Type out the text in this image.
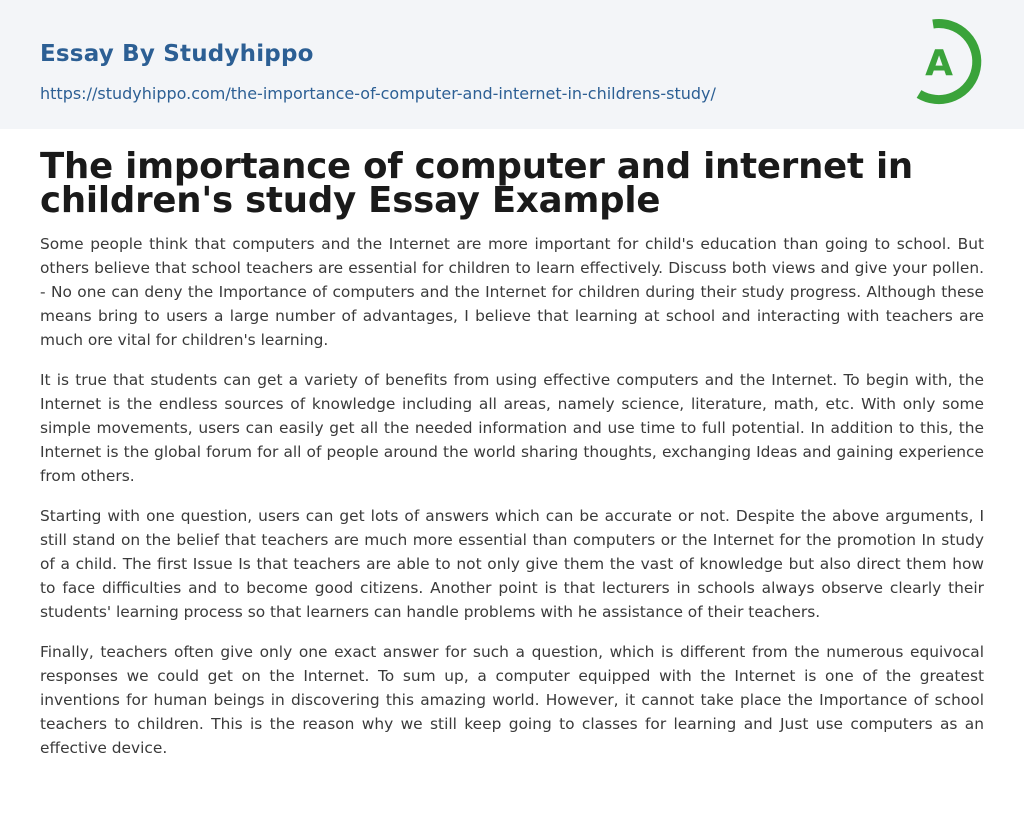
Essay By Studyhippo
https://studyhippo.com/the-importance-of-computer-and-internet-in-childrens-study/
A
The importance of computer and internet in children's study Essay Example

Some people think that computers and the Internet are more important for child's education than going to school. But others believe that school teachers are essential for children to learn effectively. Discuss both views and give your pollen. - No one can deny the Importance of computers and the Internet for children during their study progress. Although these means bring to users a large number of advantages, I believe that learning at school and interacting with teachers are much ore vital for children's learning.

It is true that students can get a variety of benefits from using effective computers and the Internet. To begin with, the Internet is the endless sources of knowledge including all areas, namely science, literature, math, etc. With only some simple movements, users can easily get all the needed information and use time to full potential. In addition to this, the Internet is the global forum for all of people around the world sharing thoughts, exchanging Ideas and gaining experience from others.

Starting with one question, users can get lots of answers which can be accurate or not. Despite the above arguments, I still stand on the belief that teachers are much more essential than computers or the Internet for the promotion In study of a child. The first Issue Is that teachers are able to not only give them the vast of knowledge but also direct them how to face difficulties and to become good citizens. Another point is that lecturers in schools always observe clearly their students' learning process so that learners can handle problems with he assistance of their teachers.

Finally, teachers often give only one exact answer for such a question, which is different from the numerous equivocal responses we could get on the Internet. To sum up, a computer equipped with the Internet is one of the greatest inventions for human beings in discovering this amazing world. However, it cannot take place the Importance of school teachers to children. This is the reason why we still keep going to classes for learning and Just use computers as an effective device.
